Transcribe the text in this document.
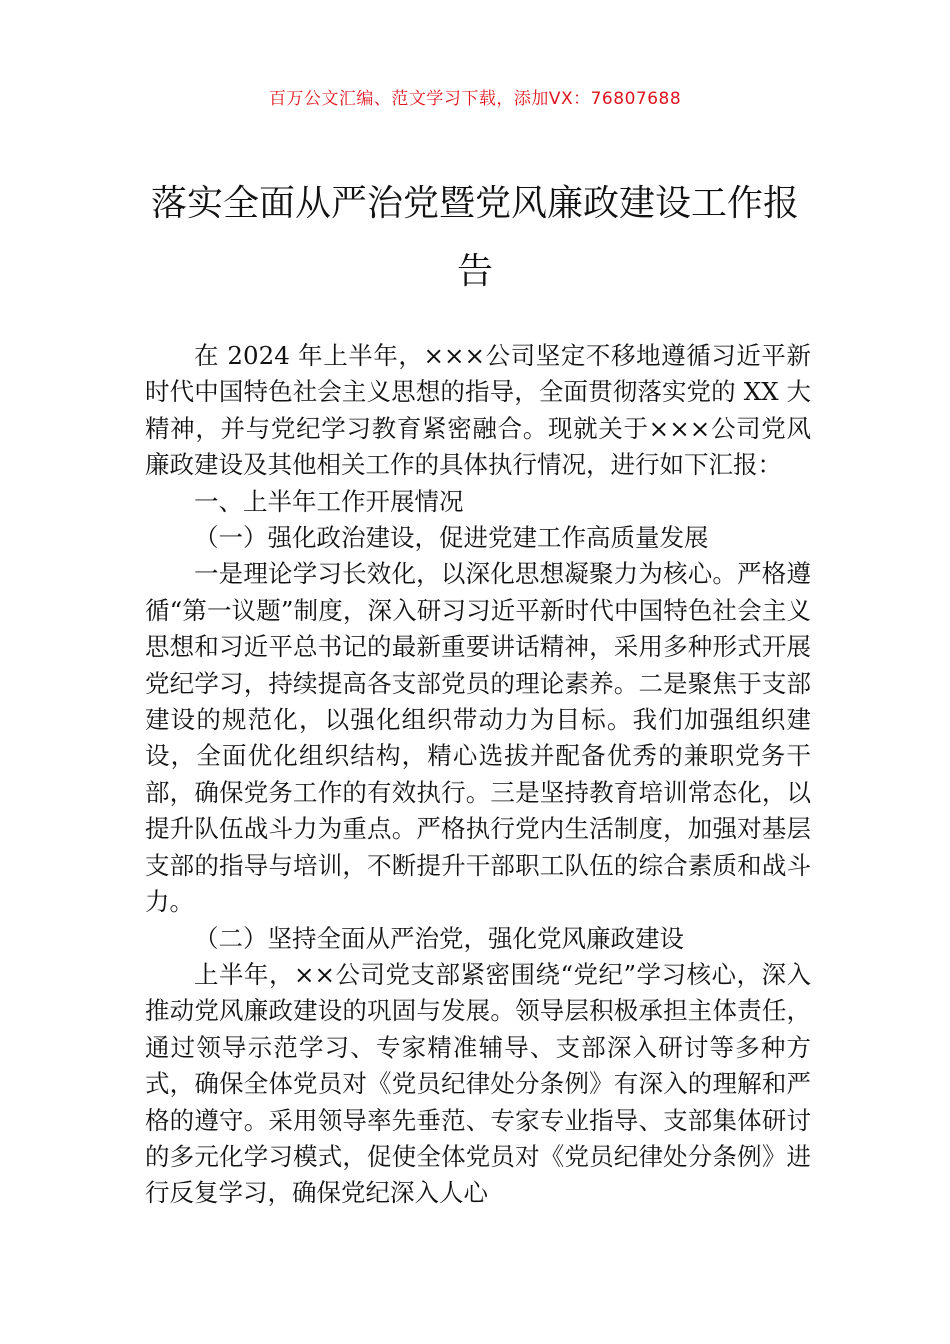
百万公文汇编、范文学习下载，添加VX：76807688
落实全面从严治党暨党风廉政建设工作报告

在 2024 年上半年，×××公司坚定不移地遵循习近平新时代中国特色社会主义思想的指导，全面贯彻落实党的 XX 大精神，并与党纪学习教育紧密融合。现就关于×××公司党风廉政建设及其他相关工作的具体执行情况，进行如下汇报：

一、上半年工作开展情况

（一）强化政治建设，促进党建工作高质量发展

一是理论学习长效化，以深化思想凝聚力为核心。严格遵循“第一议题”制度，深入研习习近平新时代中国特色社会主义思想和习近平总书记的最新重要讲话精神，采用多种形式开展党纪学习，持续提高各支部党员的理论素养。二是聚焦于支部建设的规范化，以强化组织带动力为目标。我们加强组织建设，全面优化组织结构，精心选拔并配备优秀的兼职党务干部，确保党务工作的有效执行。三是坚持教育培训常态化，以提升队伍战斗力为重点。严格执行党内生活制度，加强对基层支部的指导与培训，不断提升干部职工队伍的综合素质和战斗力。

（二）坚持全面从严治党，强化党风廉政建设

上半年，××公司党支部紧密围绕“党纪”学习核心，深入推动党风廉政建设的巩固与发展。领导层积极承担主体责任，通过领导示范学习、专家精准辅导、支部深入研讨等多种方式，确保全体党员对《党员纪律处分条例》有深入的理解和严格的遵守。采用领导率先垂范、专家专业指导、支部集体研讨的多元化学习模式，促使全体党员对《党员纪律处分条例》进行反复学习，确保党纪深入人心
